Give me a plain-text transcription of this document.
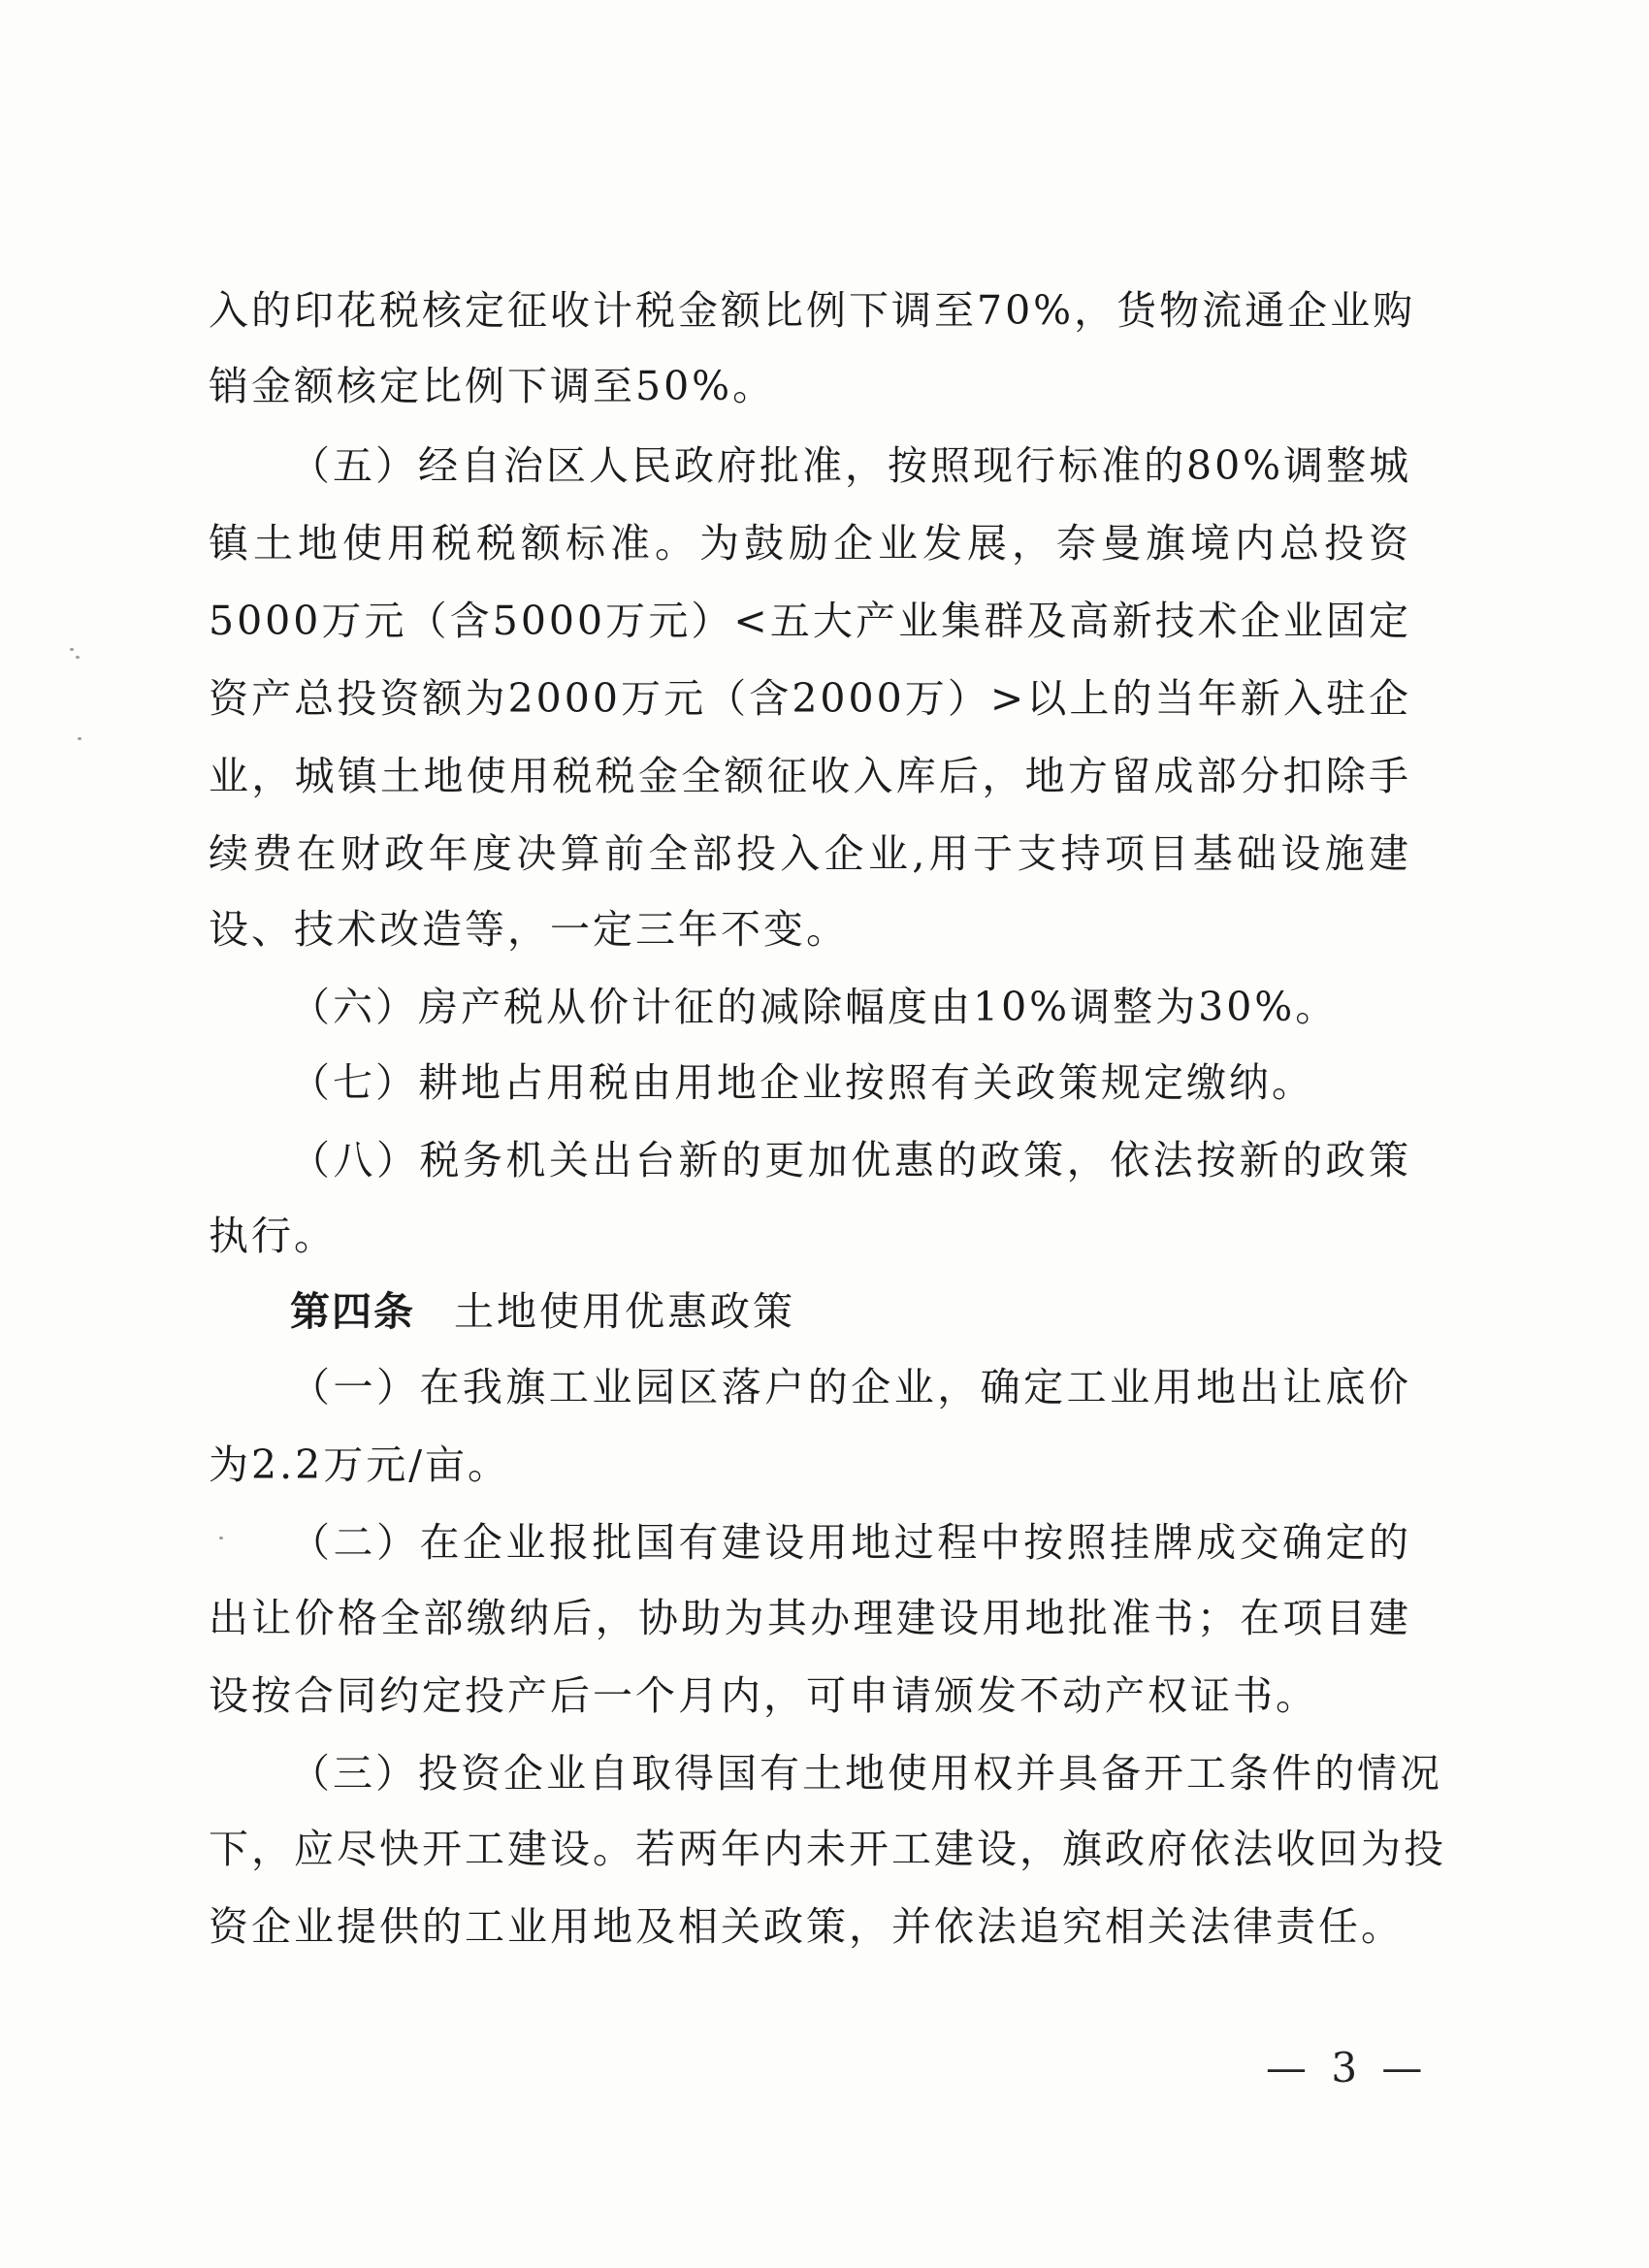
入的印花税核定征收计税金额比例下调至70%，货物流通企业购
销金额核定比例下调至50%。
（五）经自治区人民政府批准，按照现行标准的80%调整城
镇土地使用税税额标准。为鼓励企业发展，奈曼旗境内总投资
5000万元（含5000万元）<五大产业集群及高新技术企业固定
资产总投资额为2000万元（含2000万）>以上的当年新入驻企
业，城镇土地使用税税金全额征收入库后，地方留成部分扣除手
续费在财政年度决算前全部投入企业,用于支持项目基础设施建
设、技术改造等，一定三年不变。
（六）房产税从价计征的减除幅度由10%调整为30%。
（七）耕地占用税由用地企业按照有关政策规定缴纳。
（八）税务机关出台新的更加优惠的政策，依法按新的政策
执行。
第四条 土地使用优惠政策
（一）在我旗工业园区落户的企业，确定工业用地出让底价
为2.2万元/亩。
（二）在企业报批国有建设用地过程中按照挂牌成交确定的
出让价格全部缴纳后，协助为其办理建设用地批准书；在项目建
设按合同约定投产后一个月内，可申请颁发不动产权证书。
（三）投资企业自取得国有土地使用权并具备开工条件的情况
下，应尽快开工建设。若两年内未开工建设，旗政府依法收回为投
资企业提供的工业用地及相关政策，并依法追究相关法律责任。
— 3 —
